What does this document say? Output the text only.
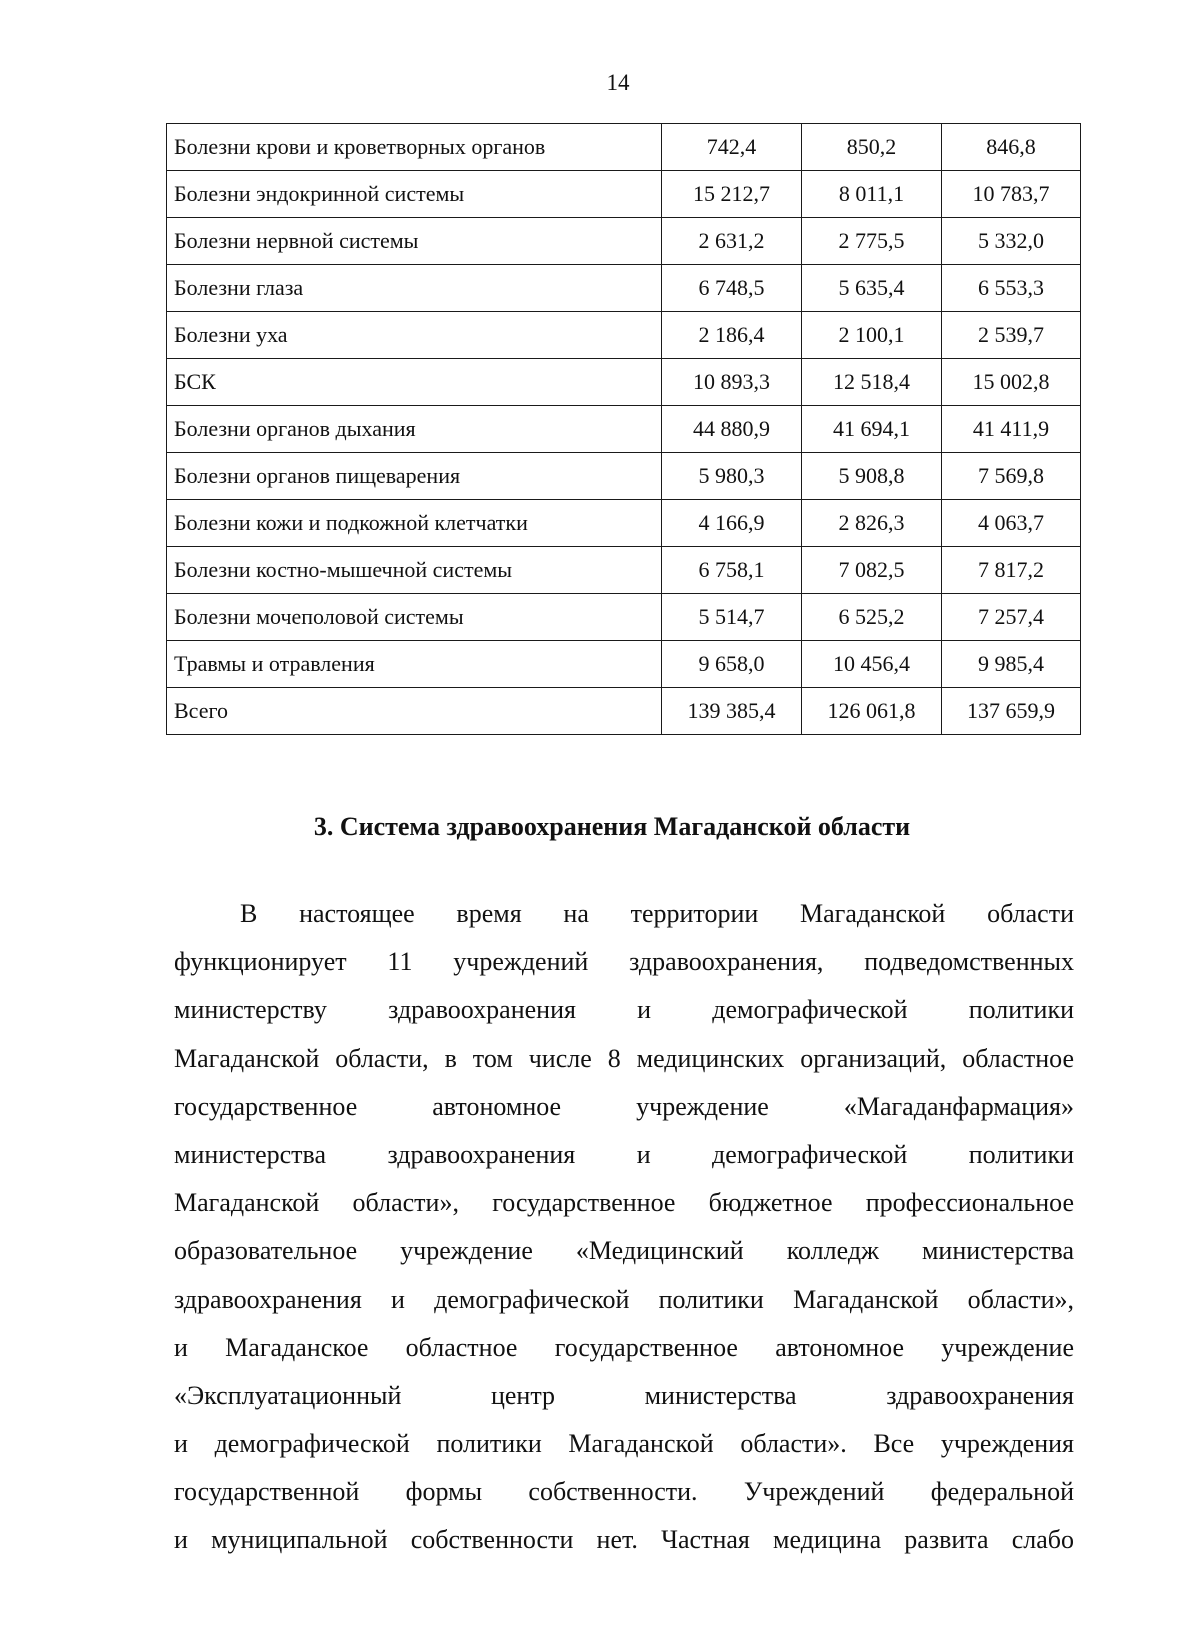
14
Болезни крови и кроветворных органов	742,4	850,2	846,8
Болезни эндокринной системы	15 212,7	8 011,1	10 783,7
Болезни нервной системы	2 631,2	2 775,5	5 332,0
Болезни глаза	6 748,5	5 635,4	6 553,3
Болезни уха	2 186,4	2 100,1	2 539,7
БСК	10 893,3	12 518,4	15 002,8
Болезни органов дыхания	44 880,9	41 694,1	41 411,9
Болезни органов пищеварения	5 980,3	5 908,8	7 569,8
Болезни кожи и подкожной клетчатки	4 166,9	2 826,3	4 063,7
Болезни костно-мышечной системы	6 758,1	7 082,5	7 817,2
Болезни мочеполовой системы	5 514,7	6 525,2	7 257,4
Травмы и отравления	9 658,0	10 456,4	9 985,4
Всего	139 385,4	126 061,8	137 659,9
3. Система здравоохранения Магаданской области
В настоящее время на территории Магаданской области
функционирует 11 учреждений здравоохранения, подведомственных
министерству здравоохранения и демографической политики
Магаданской области, в том числе 8 медицинских организаций, областное
государственное автономное учреждение «Магаданфармация»
министерства здравоохранения и демографической политики
Магаданской области», государственное бюджетное профессиональное
образовательное учреждение «Медицинский колледж министерства
здравоохранения и демографической политики Магаданской области»,
и Магаданское областное государственное автономное учреждение
«Эксплуатационный центр министерства здравоохранения
и демографической политики Магаданской области». Все учреждения
государственной формы собственности. Учреждений федеральной
и муниципальной собственности нет. Частная медицина развита слабо
